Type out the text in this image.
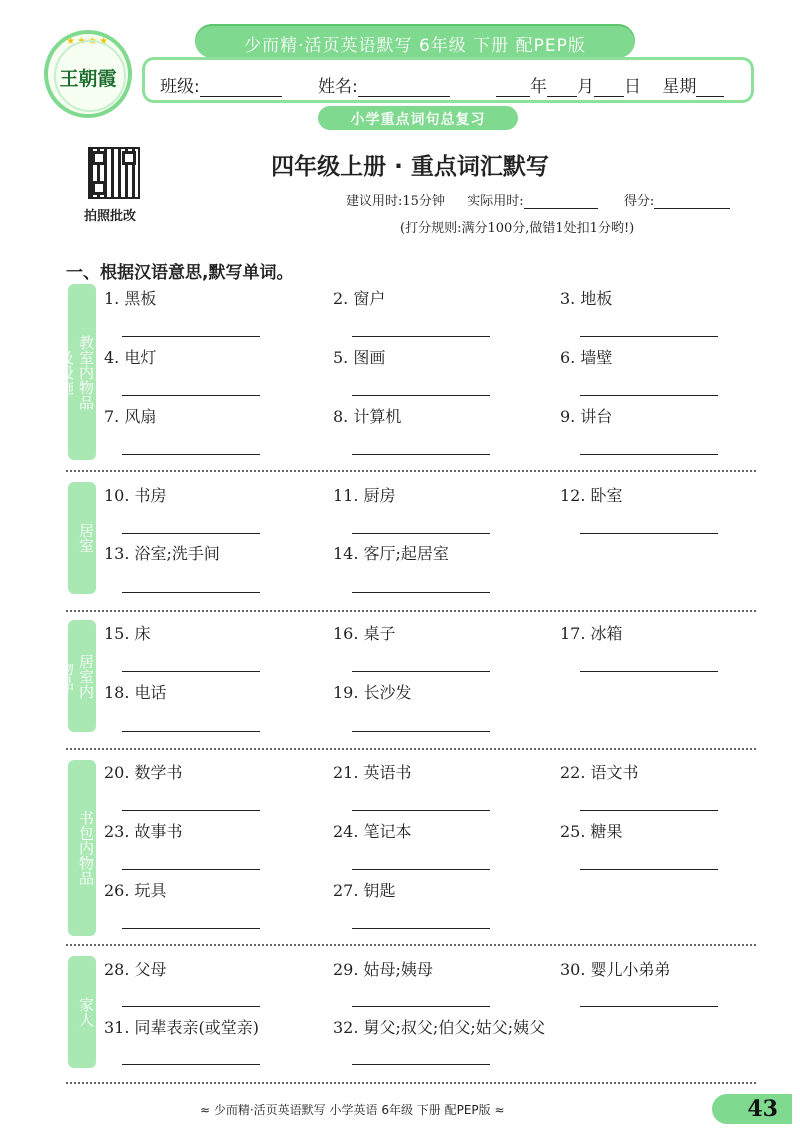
★★★★
王朝霞
少而精·活页英语默写 6年级 下册 配PEP版
班级:	姓名:	年 月 日 星期
小学重点词句总复习
拍照批改
四年级上册 · 重点词汇默写
建议用时:15分钟 实际用时:	得分:
(打分规则:满分100分,做错1处扣1分哟!)
一、根据汉语意思,默写单词。
教室内物品及设施
1. 黑板	2. 窗户	3. 地板
4. 电灯	5. 图画	6. 墙壁
7. 风扇	8. 计算机	9. 讲台
居室
10. 书房	11. 厨房	12. 卧室
13. 浴室;洗手间	14. 客厅;起居室
居室内物品
15. 床	16. 桌子	17. 冰箱
18. 电话	19. 长沙发
书包内物品
20. 数学书	21. 英语书	22. 语文书
23. 故事书	24. 笔记本	25. 糖果
26. 玩具	27. 钥匙
家人
28. 父母	29. 姑母;姨母	30. 婴儿小弟弟
31. 同辈表亲(或堂亲)	32. 舅父;叔父;伯父;姑父;姨父
≈ 少而精·活页英语默写 小学英语 6年级 下册 配PEP版 ≈	43
